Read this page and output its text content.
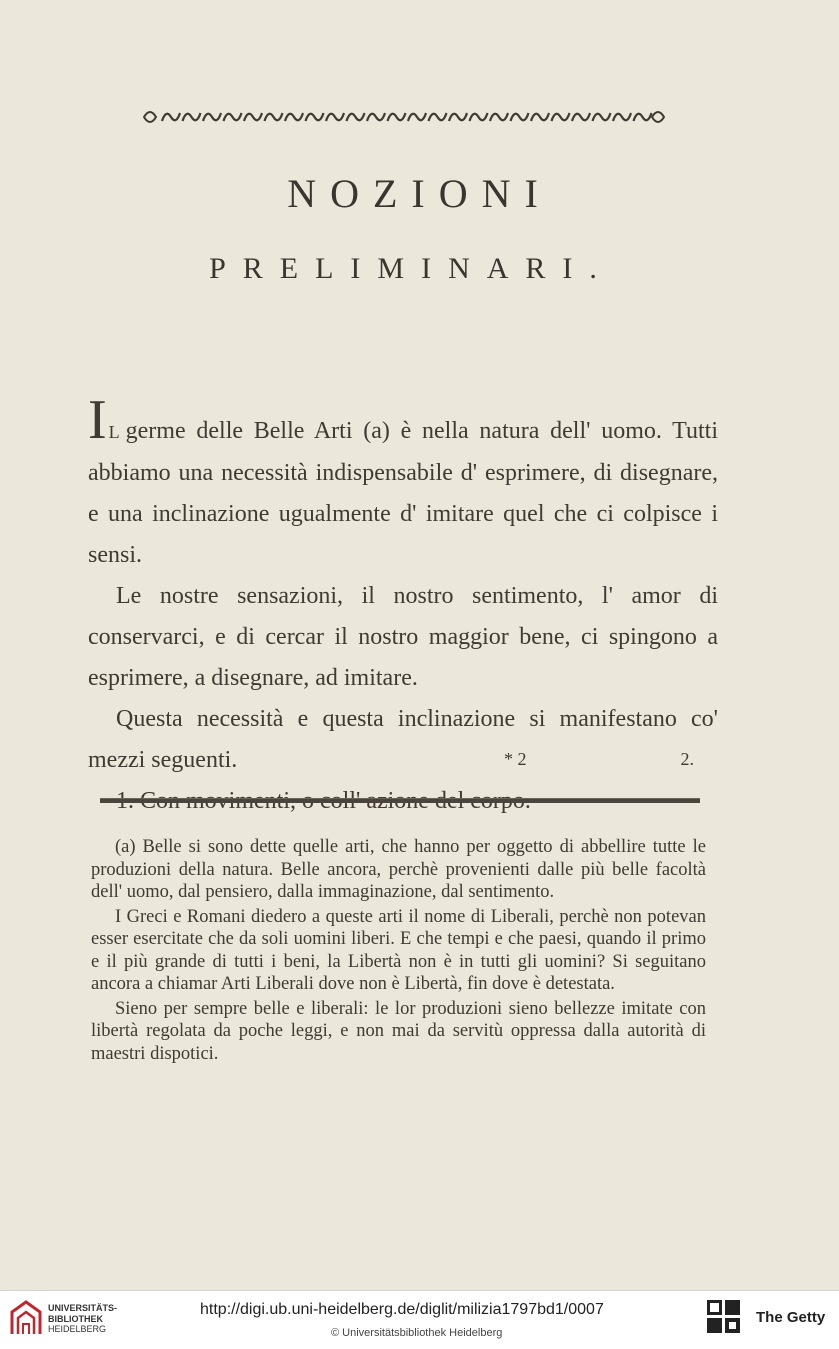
NOZIONI
PRELIMINARI.

I L germe delle Belle Arti (a) è nella natura dell' uomo. Tutti abbiamo una necessità indispensabile d' esprimere, di disegnare, e una inclinazione ugualmente d' imitare quel che ci colpisce i sensi.

Le nostre sensazioni, il nostro sentimento, l' amor di conservarci, e di cercar il nostro maggior bene, ci spingono a esprimere, a disegnare, ad imitare.

Questa necessità e questa inclinazione si manifestano co' mezzi seguenti.	* 2	2.

(a) Belle si sono dette quelle arti, che hanno per oggetto di abbellire tutte le produzioni della natura. Belle ancora, perchè provenienti dalle più belle facoltà dell' uomo, dal pensiero, dalla immaginazione, dal sentimento.

I Greci e Romani diedero a queste arti il nome di Liberali, perchè non potevan esser esercitate che da soli uomini liberi. E che tempi e che paesi, quando il primo e il più grande di tutti i beni, la Libertà non è in tutti gli uomini? Si seguitano ancora a chiamar Arti Liberali dove non è Libertà, fin dove è detestata.

Sieno per sempre belle e liberali: le lor produzioni sieno bellezze imitate con libertà regolata da poche leggi, e non mai da servitù oppressa dalla autorità di maestri dispotici.

UNIVERSITÄTS-
BIBLIOTHEK
HEIDELBERG
http://digi.ub.uni-heidelberg.de/diglit/milizia1797bd1/0007
© Universitätsbibliothek Heidelberg
The Getty
